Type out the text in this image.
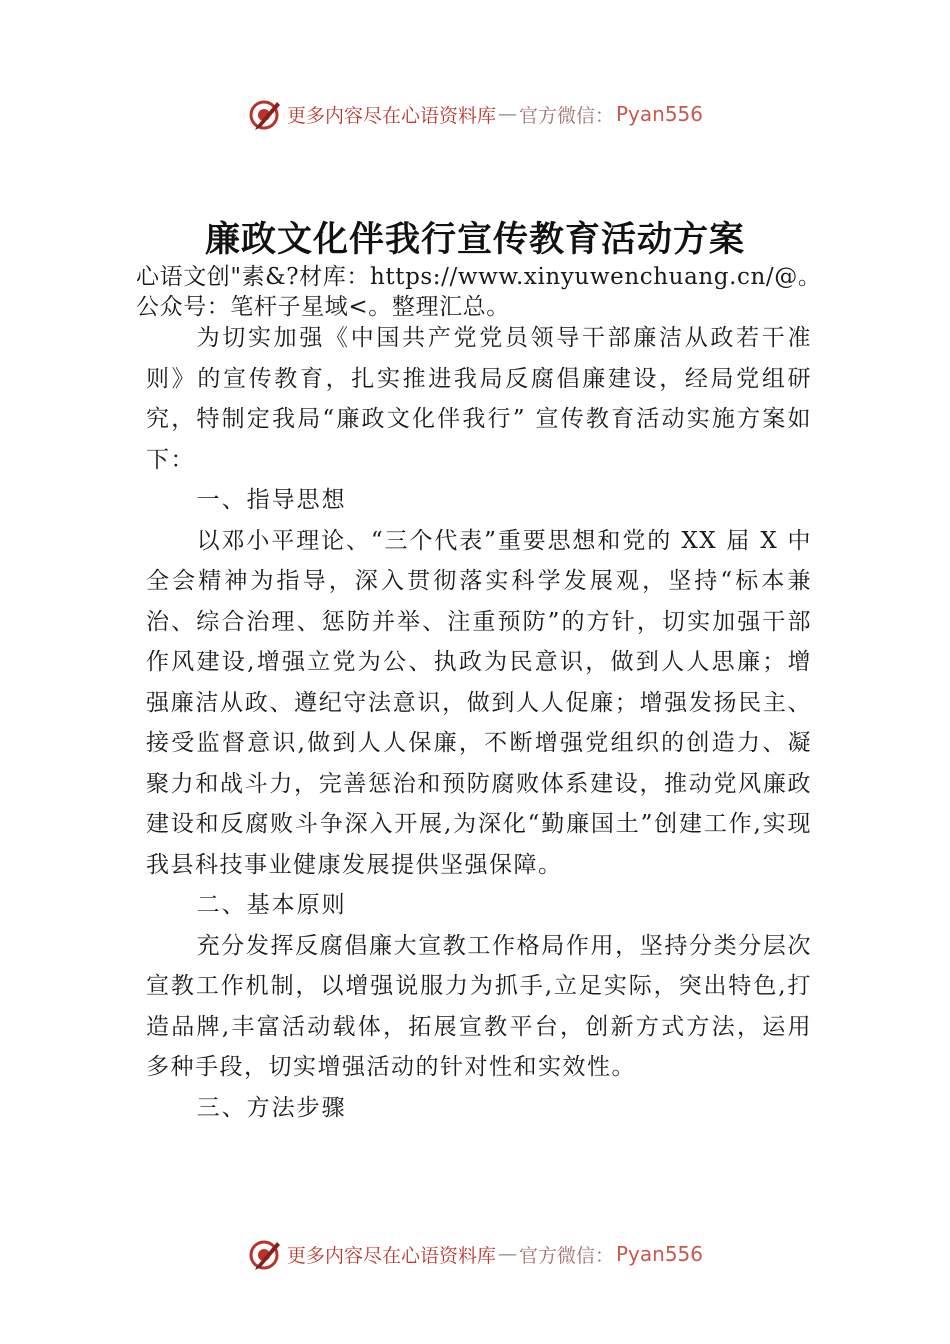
更多内容尽在心语资料库 — 官方微信： Pyan556
廉政文化伴我行宣传教育活动方案

心语文创"素&?材库：https://www.xinyuwenchuang.cn/@。公众号：笔杆子星域<。整理汇总。

为切实加强《中国共产党党员领导干部廉洁从政若干准则》的宣传教育，扎实推进我局反腐倡廉建设，经局党组研究，特制定我局“廉政文化伴我行” 宣传教育活动实施方案如下：

一、指导思想

以邓小平理论、“三个代表”重要思想和党的 XX 届 X 中全会精神为指导，深入贯彻落实科学发展观，坚持“标本兼治、综合治理、惩防并举、注重预防”的方针，切实加强干部作风建设,增强立党为公、执政为民意识，做到人人思廉；增强廉洁从政、遵纪守法意识，做到人人促廉；增强发扬民主、接受监督意识,做到人人保廉，不断增强党组织的创造力、凝聚力和战斗力，完善惩治和预防腐败体系建设，推动党风廉政建设和反腐败斗争深入开展,为深化“勤廉国土”创建工作,实现我县科技事业健康发展提供坚强保障。

二、基本原则

充分发挥反腐倡廉大宣教工作格局作用，坚持分类分层次宣教工作机制，以增强说服力为抓手,立足实际，突出特色,打造品牌,丰富活动载体，拓展宣教平台，创新方式方法，运用多种手段，切实增强活动的针对性和实效性。

三、方法步骤

更多内容尽在心语资料库 — 官方微信： Pyan556
